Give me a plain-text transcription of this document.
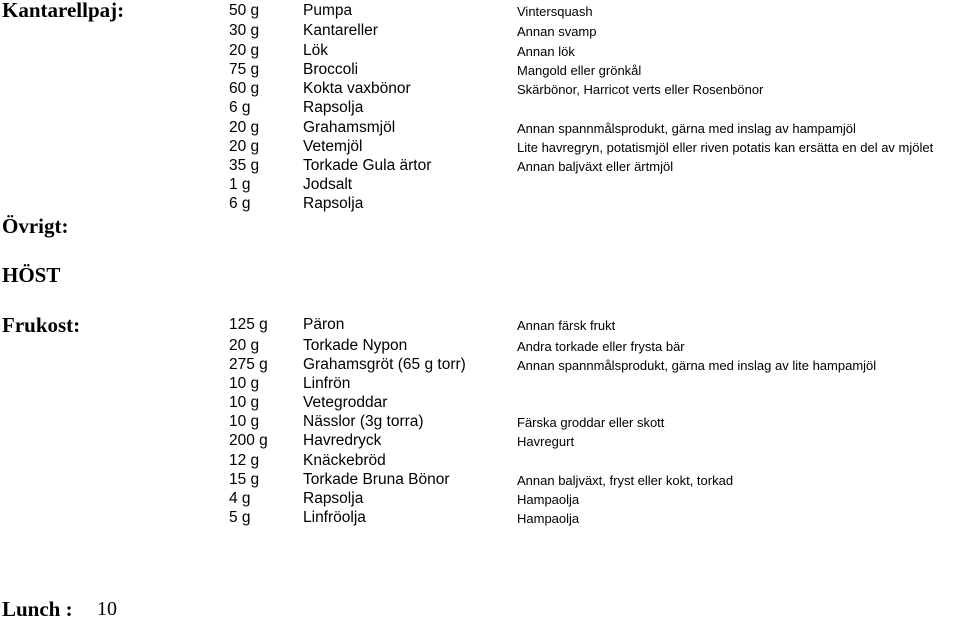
Kantarellpaj:
Övrigt:
HÖST
Frukost:
Lunch : 10
50 g	Pumpa	Vintersquash
30 g	Kantareller	Annan svamp
20 g	Lök	Annan lök
75 g	Broccoli	Mangold eller grönkål
60 g	Kokta vaxbönor	Skärbönor, Harricot verts eller Rosenbönor
6 g	Rapsolja
20 g	Grahamsmjöl	Annan spannmålsprodukt, gärna med inslag av hampamjöl
20 g	Vetemjöl	Lite havregryn, potatismjöl eller riven potatis kan ersätta en del av mjölet
35 g	Torkade Gula ärtor	Annan baljväxt eller ärtmjöl
1 g	Jodsalt
6 g	Rapsolja
125 g Päron	Annan färsk frukt
20 g	Torkade Nypon	Andra torkade eller frysta bär
275 g Grahamsgröt (65 g torr)	Annan spannmålsprodukt, gärna med inslag av lite hampamjöl
10 g	Linfrön
10 g	Vetegroddar
10 g	Nässlor (3g torra)	Färska groddar eller skott
200 g Havredryck	Havregurt
12 g	Knäckebröd
15 g	Torkade Bruna Bönor	Annan baljväxt, fryst eller kokt, torkad
4 g	Rapsolja	Hampaolja
5 g	Linfröolja	Hampaolja
